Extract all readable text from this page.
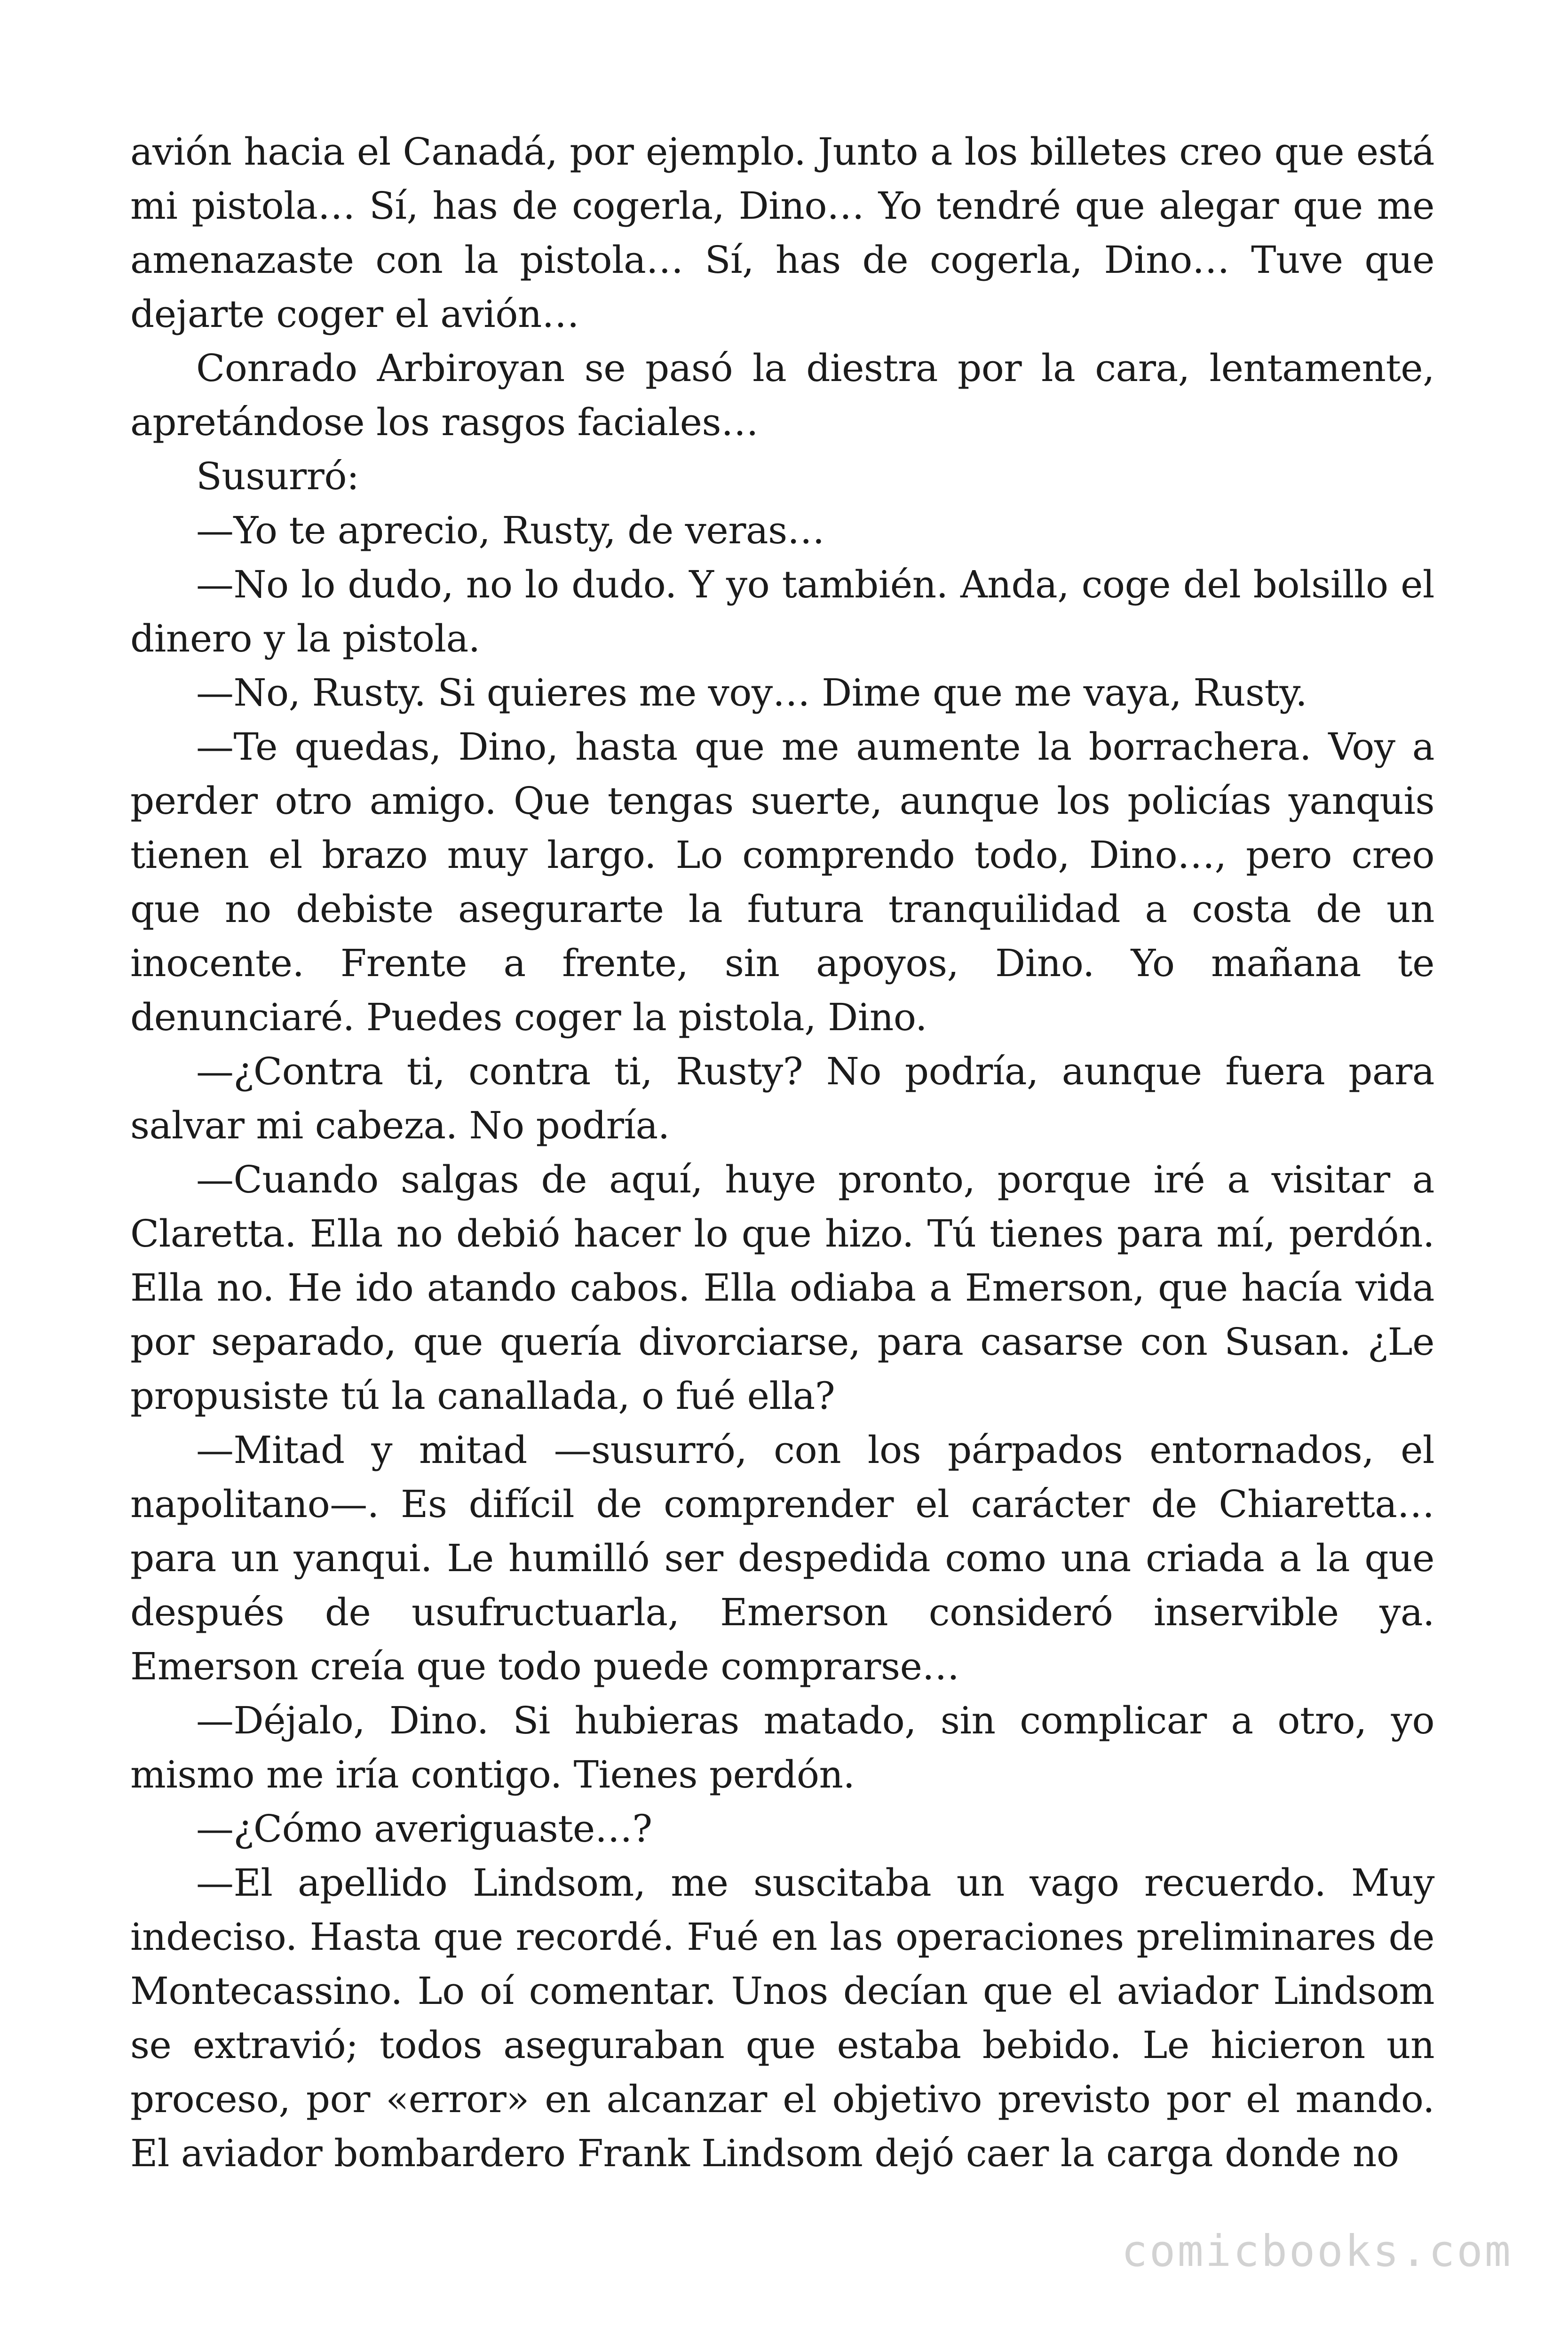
avión hacia el Canadá, por ejemplo. Junto a los billetes creo que está mi pistola… Sí, has de cogerla, Dino… Yo tendré que alegar que me amenazaste con la pistola… Sí, has de cogerla, Dino… Tuve que dejarte coger el avión…

Conrado Arbiroyan se pasó la diestra por la cara, lentamente, apretándose los rasgos faciales…

Susurró:

—Yo te aprecio, Rusty, de veras…

—No lo dudo, no lo dudo. Y yo también. Anda, coge del bolsillo el dinero y la pistola.

—No, Rusty. Si quieres me voy… Dime que me vaya, Rusty.

—Te quedas, Dino, hasta que me aumente la borrachera. Voy a perder otro amigo. Que tengas suerte, aunque los policías yanquis tienen el brazo muy largo. Lo comprendo todo, Dino…, pero creo que no debiste asegurarte la futura tranquilidad a costa de un inocente. Frente a frente, sin apoyos, Dino. Yo mañana te denunciaré. Puedes coger la pistola, Dino.

—¿Contra ti, contra ti, Rusty? No podría, aunque fuera para salvar mi cabeza. No podría.

—Cuando salgas de aquí, huye pronto, porque iré a visitar a Claretta. Ella no debió hacer lo que hizo. Tú tienes para mí, perdón. Ella no. He ido atando cabos. Ella odiaba a Emerson, que hacía vida por separado, que quería divorciarse, para casarse con Susan. ¿Le propusiste tú la canallada, o fué ella?

—Mitad y mitad —susurró, con los párpados entornados, el napolitano—. Es difícil de comprender el carácter de Chiaretta… para un yanqui. Le humilló ser despedida como una criada a la que después de usufructuarla, Emerson consideró inservible ya. Emerson creía que todo puede comprarse…

—Déjalo, Dino. Si hubieras matado, sin complicar a otro, yo mismo me iría contigo. Tienes perdón.

—¿Cómo averiguaste…?

—El apellido Lindsom, me suscitaba un vago recuerdo. Muy indeciso. Hasta que recordé. Fué en las operaciones preliminares de Montecassino. Lo oí comentar. Unos decían que el aviador Lindsom se extravió; todos aseguraban que estaba bebido. Le hicieron un proceso, por «error» en alcanzar el objetivo previsto por el mando. El aviador bombardero Frank Lindsom dejó caer la carga donde no

comicbooks.com
